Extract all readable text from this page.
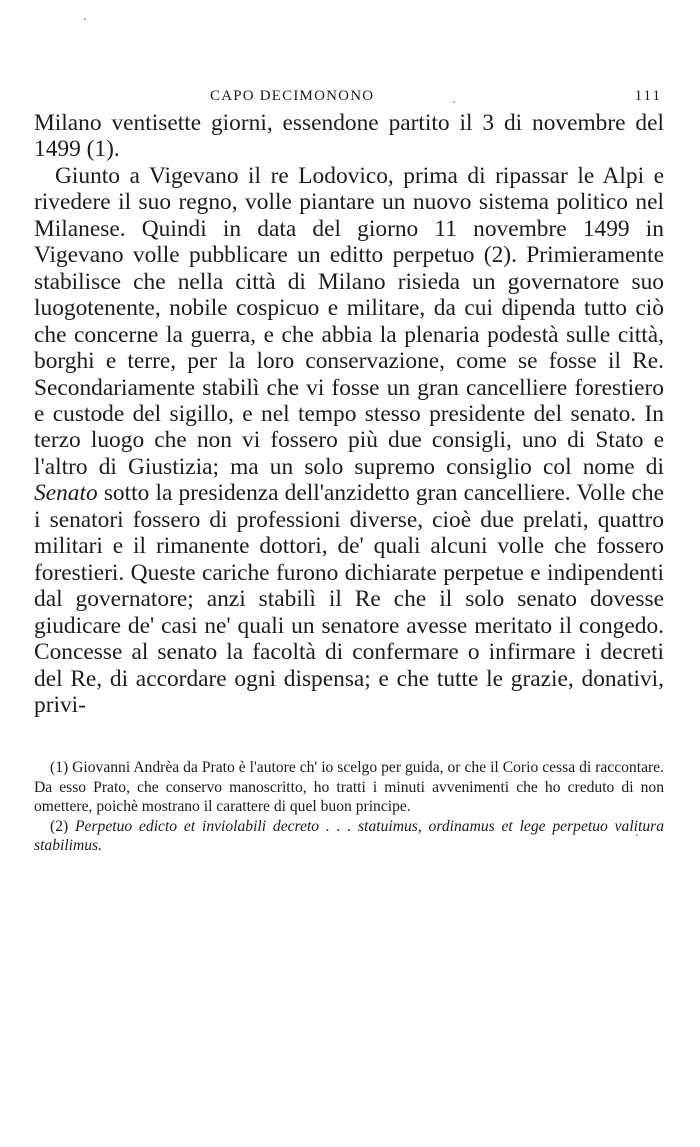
CAPO DECIMONONO	111

Milano ventisette giorni, essendone partito il 3 di novembre del 1499 (1).

Giunto a Vigevano il re Lodovico, prima di ripassar le Alpi e rivedere il suo regno, volle piantare un nuovo sistema politico nel Milanese. Quindi in data del giorno 11 novembre 1499 in Vigevano volle pubblicare un editto perpetuo (2). Primieramente stabilisce che nella città di Milano risieda un governatore suo luogotenente, nobile cospicuo e militare, da cui dipenda tutto ciò che concerne la guerra, e che abbia la plenaria podestà sulle città, borghi e terre, per la loro conservazione, come se fosse il Re. Secondariamente stabilì che vi fosse un gran cancelliere forestiero e custode del sigillo, e nel tempo stesso presidente del senato. In terzo luogo che non vi fossero più due consigli, uno di Stato e l'altro di Giustizia; ma un solo supremo consiglio col nome di Senato sotto la presidenza dell'anzidetto gran cancelliere. Volle che i senatori fossero di professioni diverse, cioè due prelati, quattro militari e il rimanente dottori, de' quali alcuni volle che fossero forestieri. Queste cariche furono dichiarate perpetue e indipendenti dal governatore; anzi stabilì il Re che il solo senato dovesse giudicare de' casi ne' quali un senatore avesse meritato il congedo. Concesse al senato la facoltà di confermare o infirmare i decreti del Re, di accordare ogni dispensa; e che tutte le grazie, donativi, privi-

(1) Giovanni Andrèa da Prato è l'autore ch' io scelgo per guida, or che il Corio cessa di raccontare. Da esso Prato, che conservo manoscritto, ho tratti i minuti avvenimenti che ho creduto di non omettere, poichè mostrano il carattere di quel buon principe.

(2) Perpetuo edicto et inviolabili decreto . . . statuimus, ordinamus et lege perpetuo valitura stabilimus.
